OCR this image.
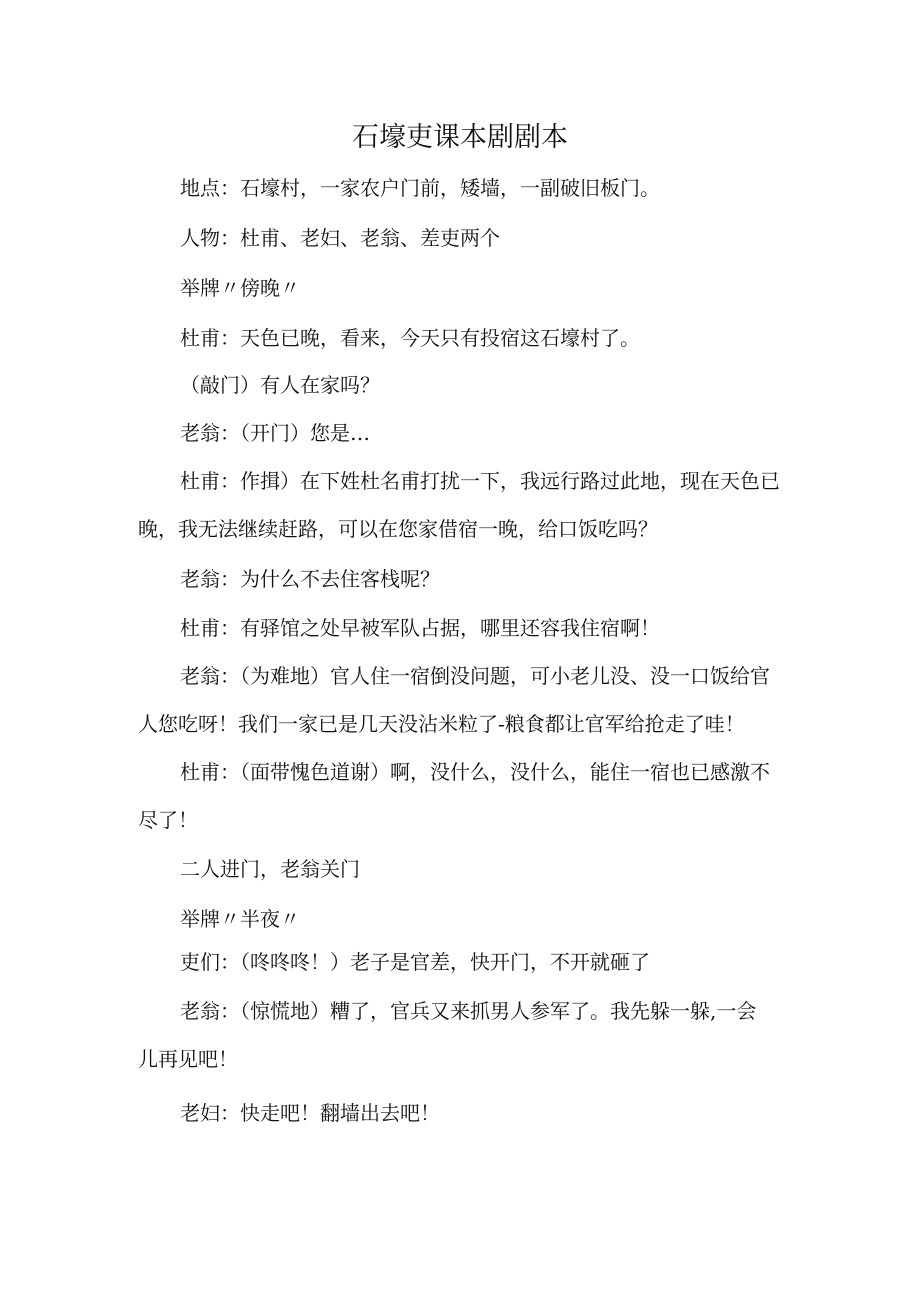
石壕吏课本剧剧本
地点：石壕村，一家农户门前，矮墙，一副破旧板门。
人物：杜甫、老妇、老翁、差吏两个
举牌〃傍晚〃
杜甫：天色已晚，看来，今天只有投宿这石壕村了。
（敲门）有人在家吗？
老翁：（开门）您是…
杜甫：作揖）在下姓杜名甫打扰一下，我远行路过此地，现在天色已
晚，我无法继续赶路，可以在您家借宿一晚，给口饭吃吗？
老翁：为什么不去住客栈呢？
杜甫：有驿馆之处早被军队占据，哪里还容我住宿啊！
老翁：（为难地）官人住一宿倒没问题，可小老儿没、没一口饭给官
人您吃呀！我们一家已是几天没沾米粒了-粮食都让官军给抢走了哇！
杜甫：（面带愧色道谢）啊，没什么，没什么，能住一宿也已感激不
尽了！
二人进门，老翁关门
举牌〃半夜〃
吏们：（咚咚咚！）老子是官差，快开门，不开就砸了
老翁：（惊慌地）糟了，官兵又来抓男人参军了。我先躲一躲,一会
儿再见吧！
老妇：快走吧！翻墙出去吧！
